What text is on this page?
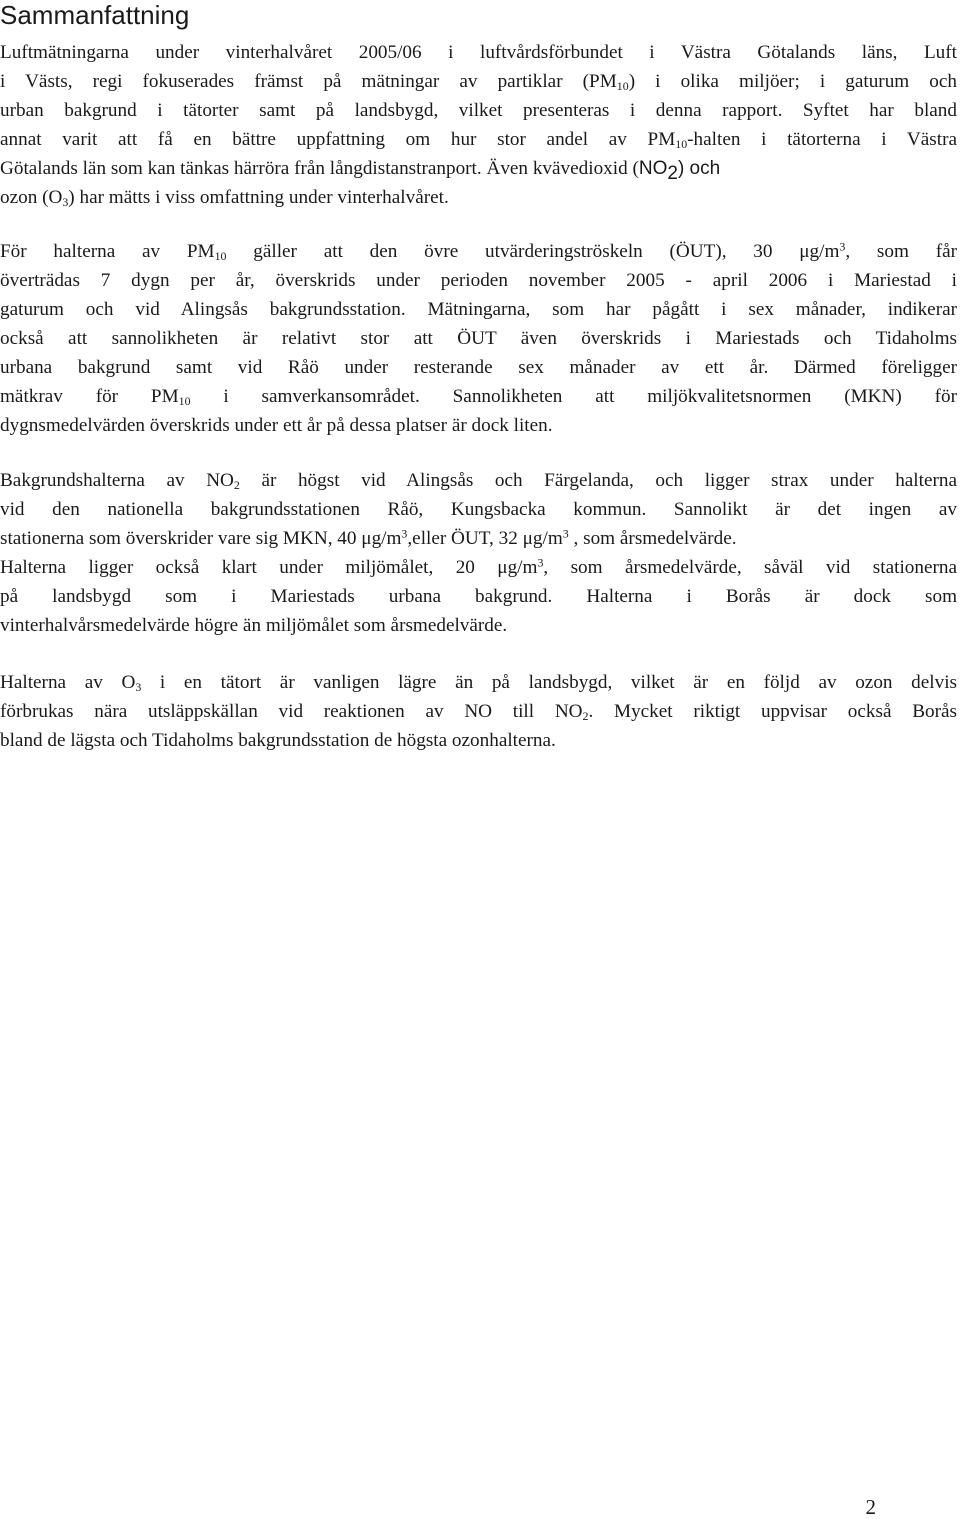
Sammanfattning
Luftmätningarna under vinterhalvåret 2005/06 i luftvårdsförbundet i Västra Götalands läns, Luft
i Västs, regi fokuserades främst på mätningar av partiklar $(PM_{10})$ i olika miljöer; i gaturum och
urban bakgrund i tätorter samt på landsbygd, vilket presenteras i denna rapport. Syftet har bland
annat varit att få en bättre uppfattning om hur stor andel av $PM_{10}$-halten i tätorterna i Västra
Götalands län som kan tänkas härröra från långdistanstranport. Även kvävedioxid (NO2) och
ozon $(O_3)$ har mätts i viss omfattning under vinterhalvåret.
För halterna av $PM_{10}$ gäller att den övre utvärderingströskeln (ÖUT), 30 $\mu g/m^3$, som får
överträdas 7 dygn per år, överskrids under perioden november 2005 - april 2006 i Mariestad i
gaturum och vid Alingsås bakgrundsstation. Mätningarna, som har pågått i sex månader, indikerar
också att sannolikheten är relativt stor att ÖUT även överskrids i Mariestads och Tidaholms
urbana bakgrund samt vid Råö under resterande sex månader av ett år. Därmed föreligger
mätkrav för $PM_{10}$ i samverkansområdet. Sannolikheten att miljökvalitetsnormen (MKN) för
dygnsmedelvärden överskrids under ett år på dessa platser är dock liten.
Bakgrundshalterna av $NO_2$ är högst vid Alingsås och Färgelanda, och ligger strax under halterna
vid den nationella bakgrundsstationen Råö, Kungsbacka kommun. Sannolikt är det ingen av
stationerna som överskrider vare sig MKN, 40 $\mu g/m^3,eller$ ÖUT, 32 $\mu g/m^3$ , som årsmedelvärde.
Halterna ligger också klart under miljömålet, 20 $\mu g/m^3$, som årsmedelvärde, såväl vid stationerna
på landsbygd som i Mariestads urbana bakgrund. Halterna i Borås är dock som
vinterhalvårsmedelvärde högre än miljömålet som årsmedelvärde.
Halterna av $O_3$ i en tätort är vanligen lägre än på landsbygd, vilket är en följd av ozon delvis
förbrukas nära utsläppskällan vid reaktionen av NO till $NO_2$. Mycket riktigt uppvisar också Borås
bland de lägsta och Tidaholms bakgrundsstation de högsta ozonhalterna.
2
